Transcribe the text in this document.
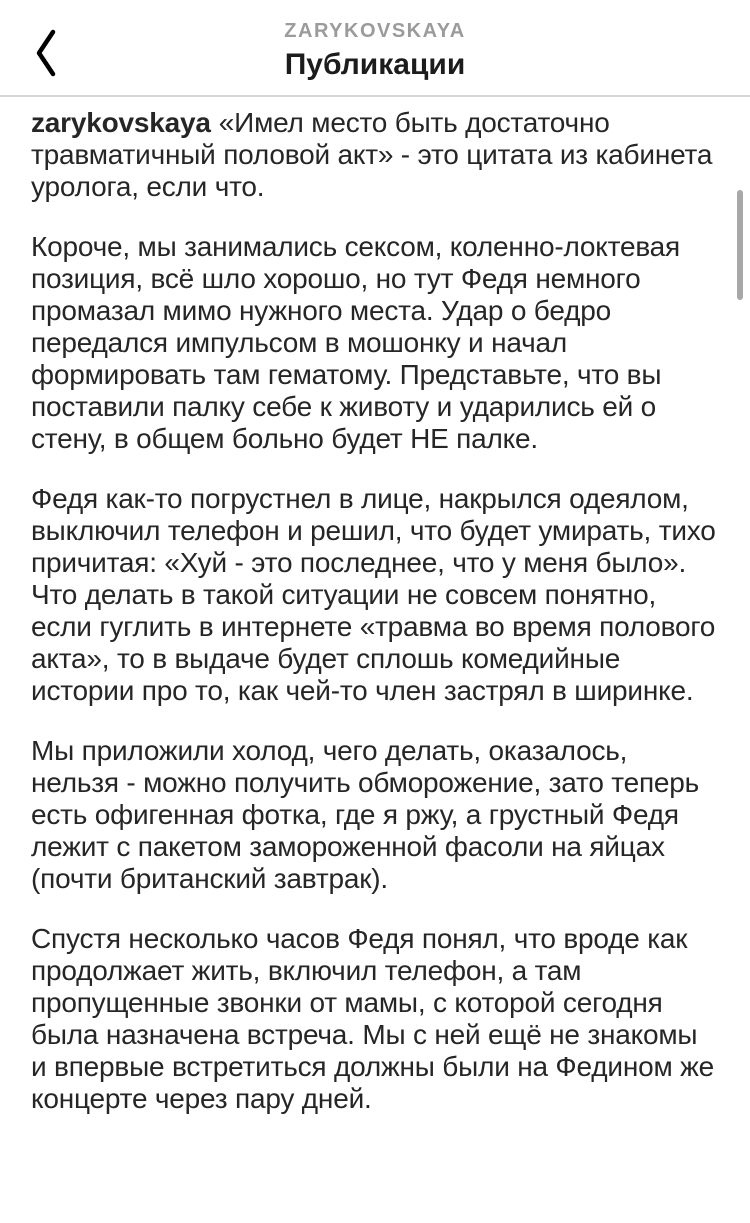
ZARYKOVSKAYA
Публикации

zarykovskaya «Имел место быть достаточно травматичный половой акт» - это цитата из кабинета уролога, если что.

Короче, мы занимались сексом, коленно-локтевая позиция, всё шло хорошо, но тут Федя немного промазал мимо нужного места. Удар о бедро передался импульсом в мошонку и начал формировать там гематому. Представьте, что вы поставили палку себе к животу и ударились ей о стену, в общем больно будет НЕ палке.

Федя как-то погрустнел в лице, накрылся одеялом, выключил телефон и решил, что будет умирать, тихо причитая: «Хуй - это последнее, что у меня было». Что делать в такой ситуации не совсем понятно, если гуглить в интернете «травма во время полового акта», то в выдаче будет сплошь комедийные истории про то, как чей-то член застрял в ширинке.

Мы приложили холод, чего делать, оказалось, нельзя - можно получить обморожение, зато теперь есть офигенная фотка, где я ржу, а грустный Федя лежит с пакетом замороженной фасоли на яйцах (почти британский завтрак).

Спустя несколько часов Федя понял, что вроде как продолжает жить, включил телефон, а там пропущенные звонки от мамы, с которой сегодня была назначена встреча. Мы с ней ещё не знакомы и впервые встретиться должны были на Федином же концерте через пару дней.
